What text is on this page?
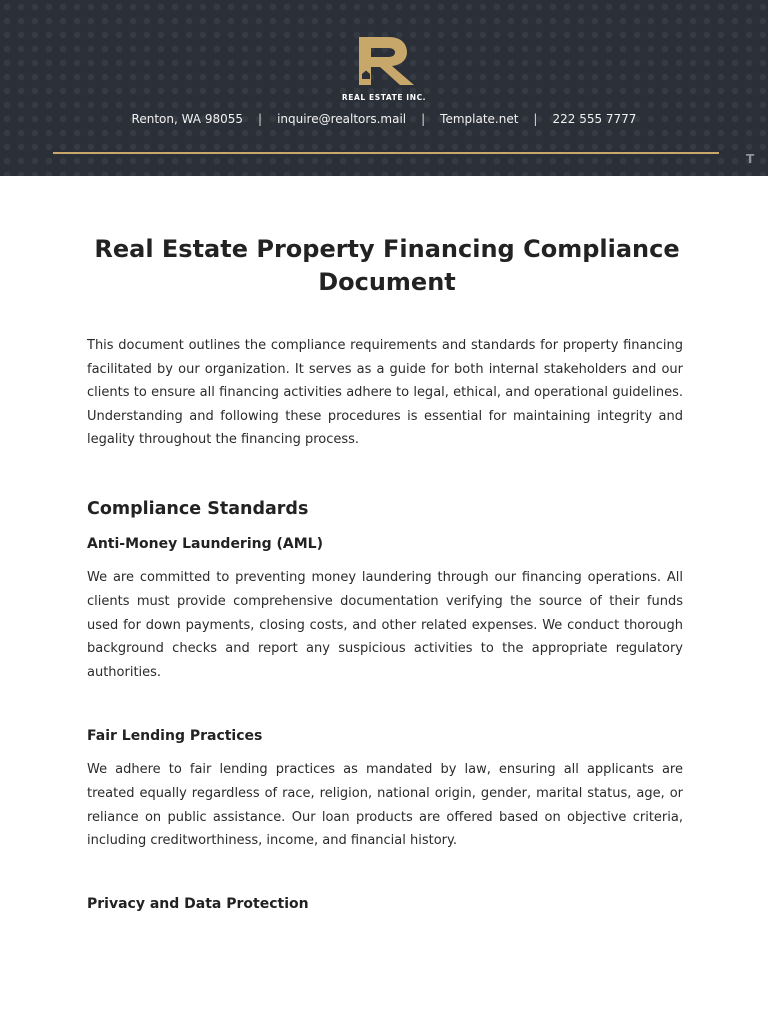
REAL ESTATE INC.
Renton, WA 98055 | inquire@realtors.mail | Template.net | 222 555 7777
T
Real Estate Property Financing Compliance Document

This document outlines the compliance requirements and standards for property financing facilitated by our organization. It serves as a guide for both internal stakeholders and our clients to ensure all financing activities adhere to legal, ethical, and operational guidelines. Understanding and following these procedures is essential for maintaining integrity and legality throughout the financing process.

Compliance Standards
Anti-Money Laundering (AML)

We are committed to preventing money laundering through our financing operations. All clients must provide comprehensive documentation verifying the source of their funds used for down payments, closing costs, and other related expenses. We conduct thorough background checks and report any suspicious activities to the appropriate regulatory authorities.

Fair Lending Practices

We adhere to fair lending practices as mandated by law, ensuring all applicants are treated equally regardless of race, religion, national origin, gender, marital status, age, or reliance on public assistance. Our loan products are offered based on objective criteria, including creditworthiness, income, and financial history.

Privacy and Data Protection
